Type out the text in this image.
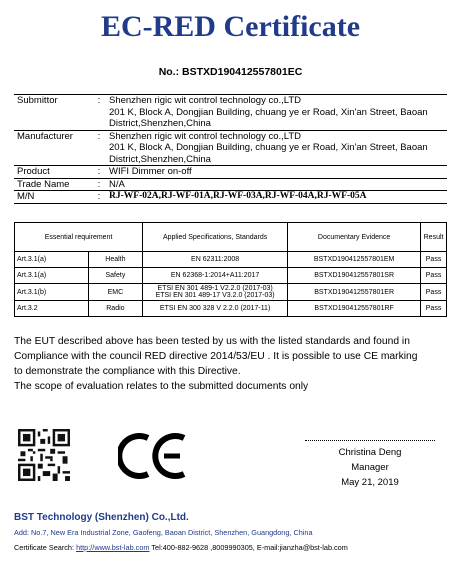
EC-RED Certificate
No.: BSTXD190412557801EC
Submittor	:	Shenzhen rigic wit control technology co.,LTD
201 K, Block A, Dongjian Building, chuang ye er Road, Xin'an Street, Baoan
District,Shenzhen,China

Manufacturer	:	Shenzhen rigic wit control technology co.,LTD
201 K, Block A, Dongjian Building, chuang ye er Road, Xin'an Street, Baoan
District,Shenzhen,China

Product	:	WIFI Dimmer on-off

Trade Name	:	N/A

M/N	:	RJ-WF-02A,RJ-WF-01A,RJ-WF-03A,RJ-WF-04A,RJ-WF-05A
Essential requirement		Applied Specifications, Standards	Documentary Evidence	Result
Art.3.1(a)	Health	EN 62311:2008	BSTXD190412557801EM	Pass
Art.3.1(a)	Safety	EN 62368-1:2014+A11:2017	BSTXD190412557801SR	Pass
Art.3.1(b)	EMC	ETSI EN 301 489-1 V2.2.0 (2017-03)
ETSI EN 301 489-17 V3.2.0 (2017-03)	BSTXD190412557801ER	Pass
Art.3.2	Radio	ETSI EN 300 328 V 2.2.0 (2017-11)	BSTXD190412557801RF	Pass

The EUT described above has been tested by us with the listed standards and found in

Compliance with the council RED directive 2014/53/EU . It is possible to use CE marking

to demonstrate the compliance with this Directive.

The scope of evaluation relates to the submitted documents only

Christina Deng
Manager
May 21, 2019
BST Technology (Shenzhen) Co.,Ltd.
Add: No.7, New Era Industrial Zone, Gaofeng, Baoan District, Shenzhen, Guangdong, China
Certificate Search: http://www.bst-lab.com Tel:400-882-9628 ,8009990305, E-mail:jianzha@bst-lab.com
